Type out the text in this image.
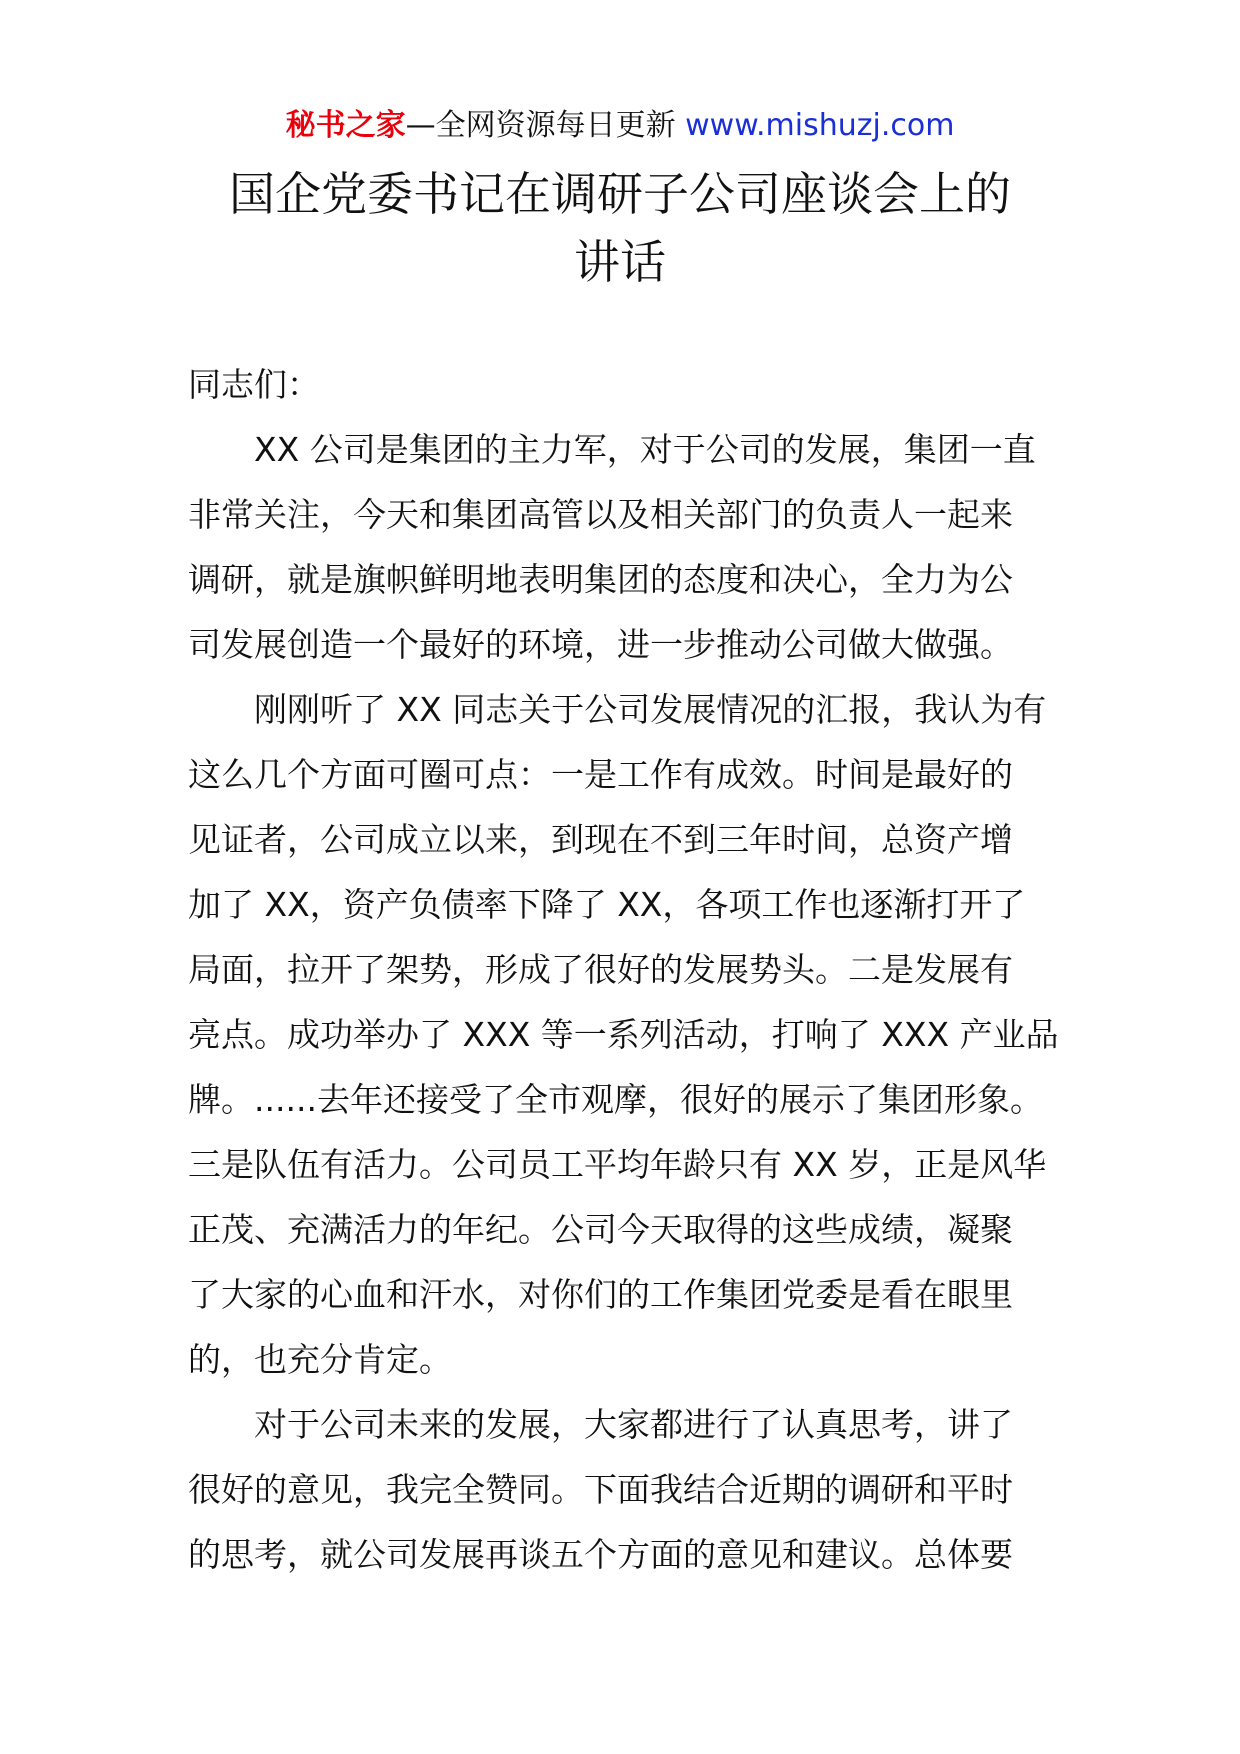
秘书之家—全网资源每日更新 www.mishuzj.com
国企党委书记在调研子公司座谈会上的
讲话

同志们：

XX 公司是集团的主力军，对于公司的发展，集团一直
非常关注，今天和集团高管以及相关部门的负责人一起来
调研，就是旗帜鲜明地表明集团的态度和决心，全力为公
司发展创造一个最好的环境，进一步推动公司做大做强。

刚刚听了 XX 同志关于公司发展情况的汇报，我认为有
这么几个方面可圈可点：一是工作有成效。时间是最好的
见证者，公司成立以来，到现在不到三年时间，总资产增
加了 XX，资产负债率下降了 XX，各项工作也逐渐打开了
局面，拉开了架势，形成了很好的发展势头。二是发展有
亮点。成功举办了 XXX 等一系列活动，打响了 XXX 产业品
牌。......去年还接受了全市观摩，很好的展示了集团形象。
三是队伍有活力。公司员工平均年龄只有 XX 岁，正是风华
正茂、充满活力的年纪。公司今天取得的这些成绩，凝聚
了大家的心血和汗水，对你们的工作集团党委是看在眼里
的，也充分肯定。

对于公司未来的发展，大家都进行了认真思考，讲了
很好的意见，我完全赞同。下面我结合近期的调研和平时
的思考，就公司发展再谈五个方面的意见和建议。总体要
